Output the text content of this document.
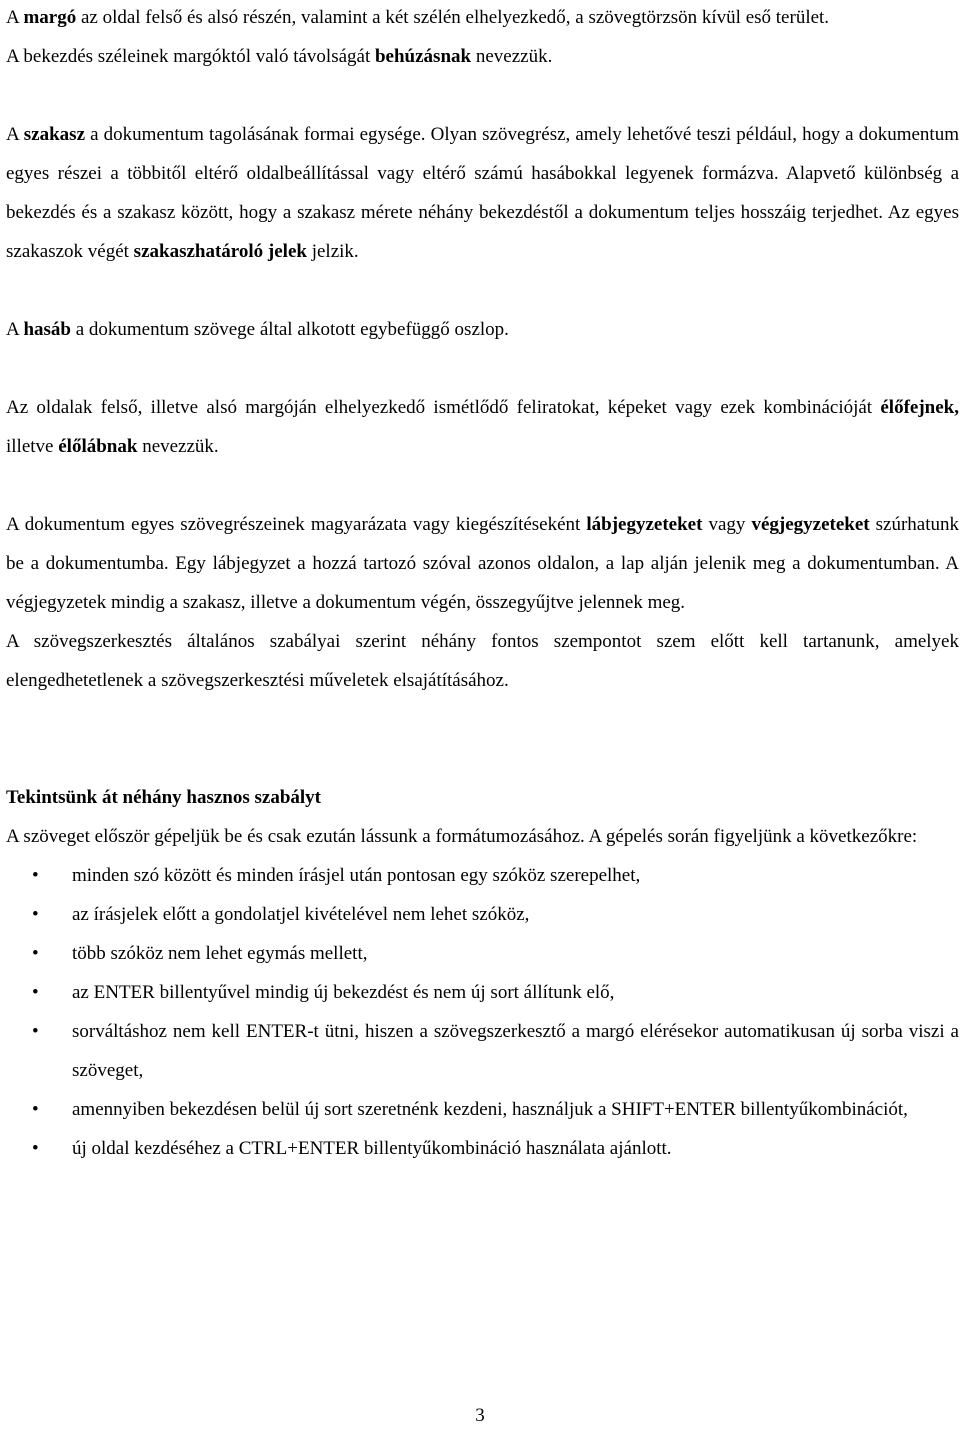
A margó az oldal felső és alsó részén, valamint a két szélén elhelyezkedő, a szövegtörzsön kívül eső terület.

A bekezdés széleinek margóktól való távolságát behúzásnak nevezzük.

A szakasz a dokumentum tagolásának formai egysége. Olyan szövegrész, amely lehetővé teszi például, hogy a dokumentum egyes részei a többitől eltérő oldalbeállítással vagy eltérő számú hasábokkal legyenek formázva. Alapvető különbség a bekezdés és a szakasz között, hogy a szakasz mérete néhány bekezdéstől a dokumentum teljes hosszáig terjedhet. Az egyes szakaszok végét szakaszhatároló jelek jelzik.

A hasáb a dokumentum szövege által alkotott egybefüggő oszlop.

Az oldalak felső, illetve alsó margóján elhelyezkedő ismétlődő feliratokat, képeket vagy ezek kombinációját élőfejnek, illetve élőlábnak nevezzük.

A dokumentum egyes szövegrészeinek magyarázata vagy kiegészítéseként lábjegyzeteket vagy végjegyzeteket szúrhatunk be a dokumentumba. Egy lábjegyzet a hozzá tartozó szóval azonos oldalon, a lap alján jelenik meg a dokumentumban. A végjegyzetek mindig a szakasz, illetve a dokumentum végén, összegyűjtve jelennek meg.

A szövegszerkesztés általános szabályai szerint néhány fontos szempontot szem előtt kell tartanunk, amelyek elengedhetetlenek a szövegszerkesztési műveletek elsajátításához.

Tekintsünk át néhány hasznos szabályt

A szöveget először gépeljük be és csak ezután lássunk a formátumozásához. A gépelés során figyeljünk a következőkre:

• minden szó között és minden írásjel után pontosan egy szóköz szerepelhet,
• az írásjelek előtt a gondolatjel kivételével nem lehet szóköz,
• több szóköz nem lehet egymás mellett,
• az ENTER billentyűvel mindig új bekezdést és nem új sort állítunk elő,
• sorváltáshoz nem kell ENTER-t ütni, hiszen a szövegszerkesztő a margó elérésekor automatikusan új sorba viszi a szöveget,
• amennyiben bekezdésen belül új sort szeretnénk kezdeni, használjuk a SHIFT+ENTER billentyűkombinációt,
• új oldal kezdéséhez a CTRL+ENTER billentyűkombináció használata ajánlott.
3
